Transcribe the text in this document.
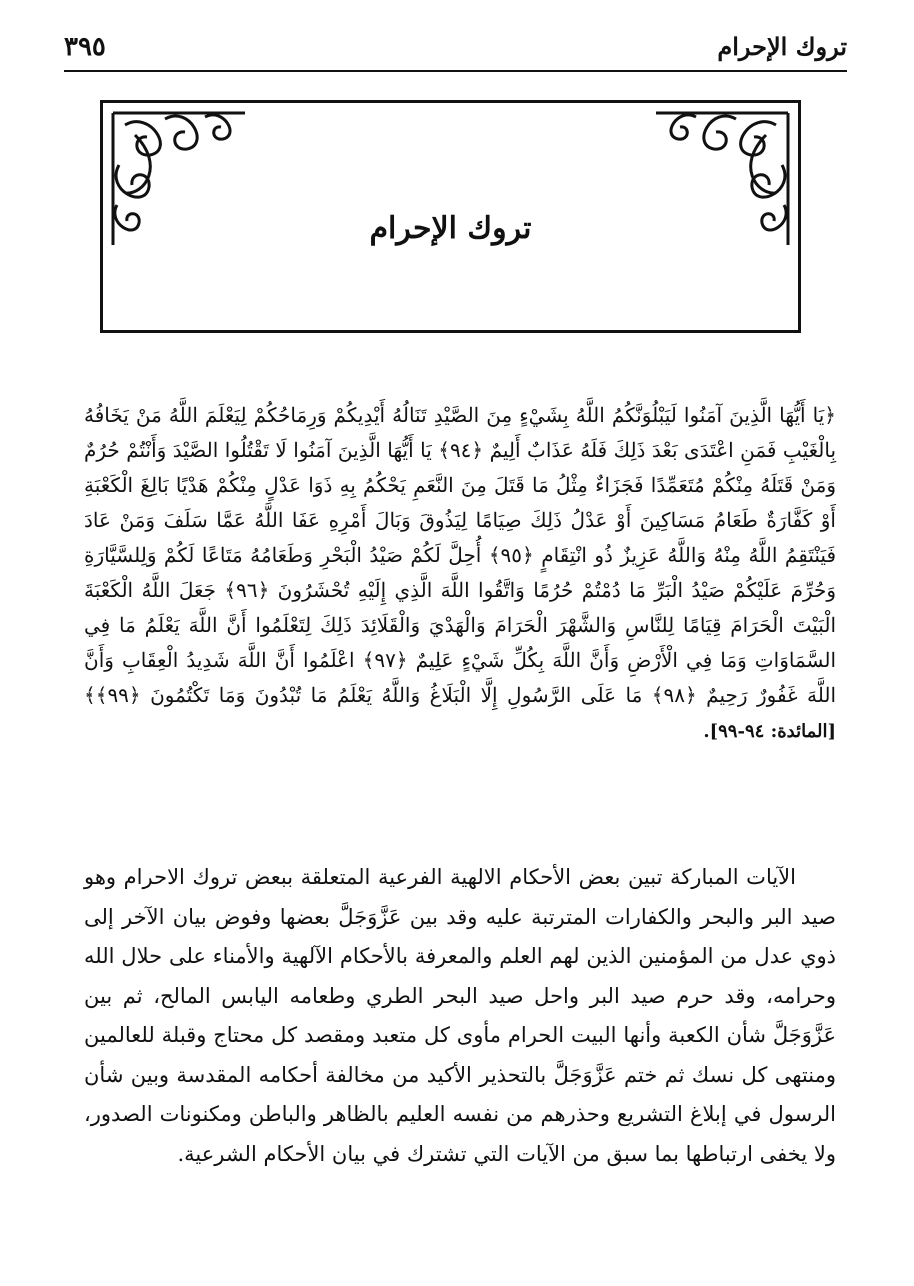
تروك الإحرام
٣٩٥
تروك الإحرام
﴿يَا أَيُّهَا الَّذِينَ آمَنُوا لَيَبْلُوَنَّكُمُ اللَّهُ بِشَيْءٍ مِنَ الصَّيْدِ تَنَالُهُ أَيْدِيكُمْ وَرِمَاحُكُمْ لِيَعْلَمَ اللَّهُ مَنْ يَخَافُهُ بِالْغَيْبِ فَمَنِ اعْتَدَى بَعْدَ ذَلِكَ فَلَهُ عَذَابٌ أَلِيمٌ ﴿٩٤﴾ يَا أَيُّهَا الَّذِينَ آمَنُوا لَا تَقْتُلُوا الصَّيْدَ وَأَنْتُمْ حُرُمٌ وَمَنْ قَتَلَهُ مِنْكُمْ مُتَعَمِّدًا فَجَزَاءٌ مِثْلُ مَا قَتَلَ مِنَ النَّعَمِ يَحْكُمُ بِهِ ذَوَا عَدْلٍ مِنْكُمْ هَدْيًا بَالِغَ الْكَعْبَةِ أَوْ كَفَّارَةٌ طَعَامُ مَسَاكِينَ أَوْ عَدْلُ ذَلِكَ صِيَامًا لِيَذُوقَ وَبَالَ أَمْرِهِ عَفَا اللَّهُ عَمَّا سَلَفَ وَمَنْ عَادَ فَيَنْتَقِمُ اللَّهُ مِنْهُ وَاللَّهُ عَزِيزٌ ذُو انْتِقَامٍ ﴿٩٥﴾ أُحِلَّ لَكُمْ صَيْدُ الْبَحْرِ وَطَعَامُهُ مَتَاعًا لَكُمْ وَلِلسَّيَّارَةِ وَحُرِّمَ عَلَيْكُمْ صَيْدُ الْبَرِّ مَا دُمْتُمْ حُرُمًا وَاتَّقُوا اللَّهَ الَّذِي إِلَيْهِ تُحْشَرُونَ ﴿٩٦﴾ جَعَلَ اللَّهُ الْكَعْبَةَ الْبَيْتَ الْحَرَامَ قِيَامًا لِلنَّاسِ وَالشَّهْرَ الْحَرَامَ وَالْهَدْيَ وَالْقَلَائِدَ ذَلِكَ لِتَعْلَمُوا أَنَّ اللَّهَ يَعْلَمُ مَا فِي السَّمَاوَاتِ وَمَا فِي الْأَرْضِ وَأَنَّ اللَّهَ بِكُلِّ شَيْءٍ عَلِيمٌ ﴿٩٧﴾ اعْلَمُوا أَنَّ اللَّهَ شَدِيدُ الْعِقَابِ وَأَنَّ اللَّهَ غَفُورٌ رَحِيمٌ ﴿٩٨﴾ مَا عَلَى الرَّسُولِ إِلَّا الْبَلَاغُ وَاللَّهُ يَعْلَمُ مَا تُبْدُونَ وَمَا تَكْتُمُونَ ﴿٩٩﴾﴾ [المائدة: ٩٤-٩٩].
الآيات المباركة تبين بعض الأحكام الالهية الفرعية المتعلقة ببعض تروك الاحرام وهو صيد البر والبحر والكفارات المترتبة عليه وقد بين عَزَّوَجَلَّ بعضها وفوض بيان الآخر إلى ذوي عدل من المؤمنين الذين لهم العلم والمعرفة بالأحكام الآلهية والأمناء على حلال الله وحرامه، وقد حرم صيد البر واحل صيد البحر الطري وطعامه اليابس المالح، ثم بين عَزَّوَجَلَّ شأن الكعبة وأنها البيت الحرام مأوى كل متعبد ومقصد كل محتاج وقبلة للعالمين ومنتهى كل نسك ثم ختم عَزَّوَجَلَّ بالتحذير الأكيد من مخالفة أحكامه المقدسة وبين شأن الرسول في إبلاغ التشريع وحذرهم من نفسه العليم بالظاهر والباطن ومكنونات الصدور، ولا يخفى ارتباطها بما سبق من الآيات التي تشترك في بيان الأحكام الشرعية.
